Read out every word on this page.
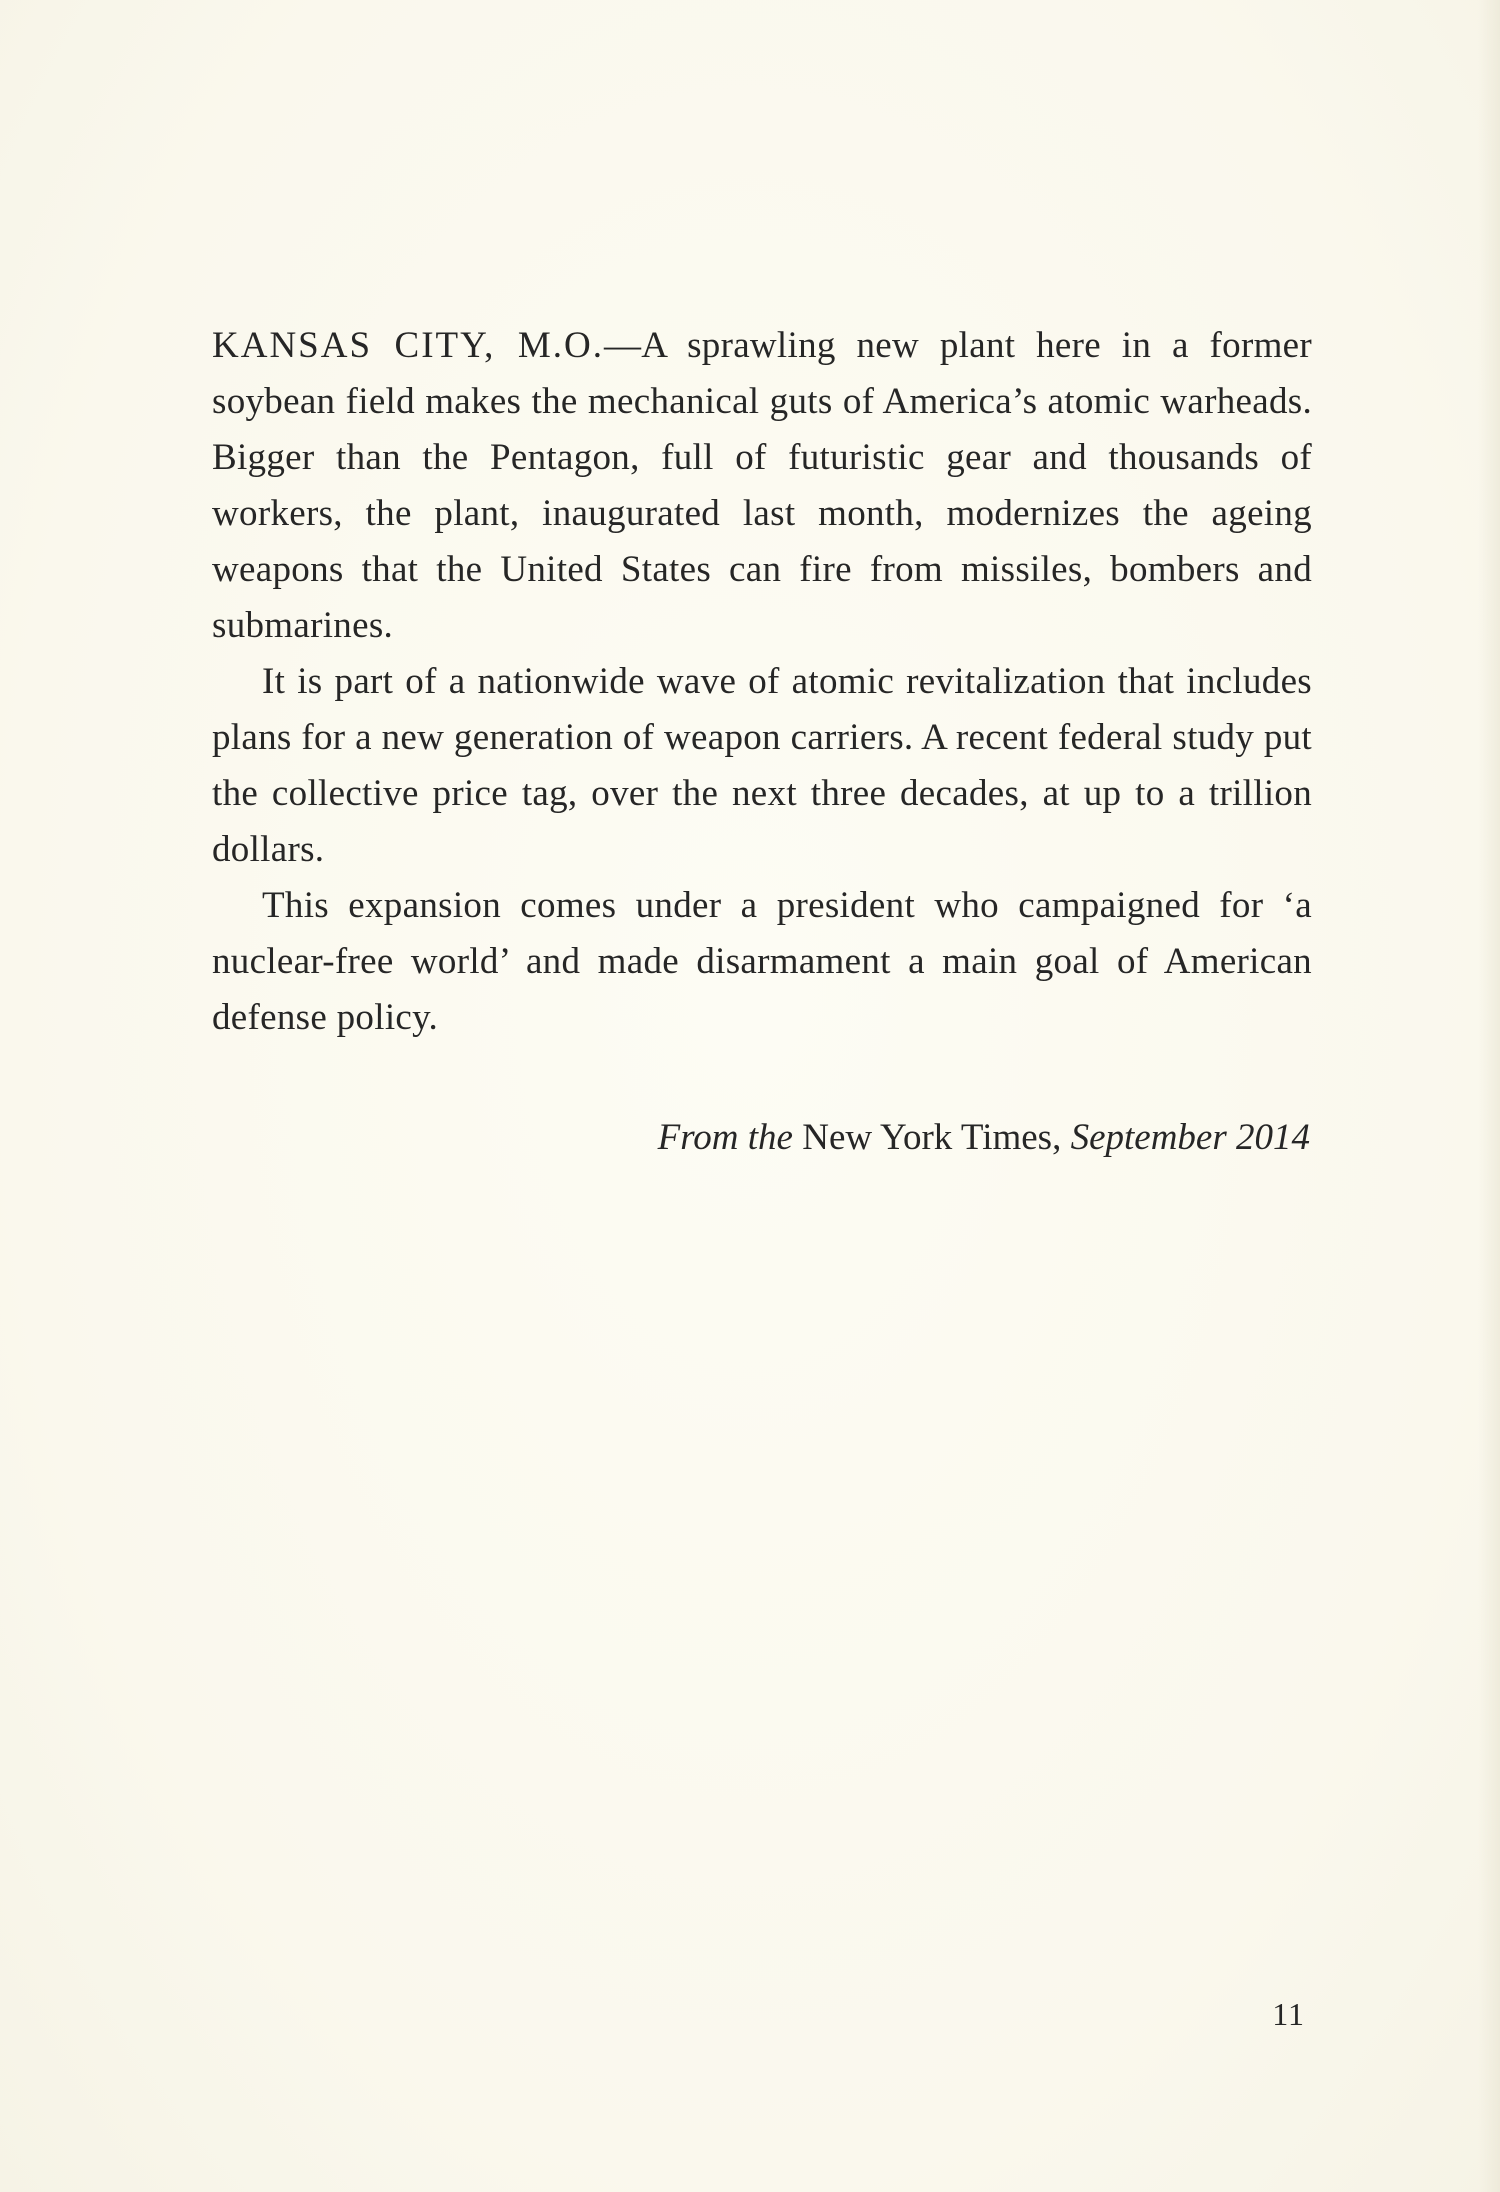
KANSAS CITY, M.O.—A sprawling new plant here in a former soybean field makes the mechanical guts of America’s atomic warheads. Bigger than the Pentagon, full of futuristic gear and thousands of workers, the plant, inaugurated last month, modernizes the ageing weapons that the United States can fire from missiles, bombers and submarines.

It is part of a nationwide wave of atomic revitalization that includes plans for a new generation of weapon carriers. A recent federal study put the collective price tag, over the next three decades, at up to a trillion dollars.

This expansion comes under a president who campaigned for ‘a nuclear-free world’ and made disarmament a main goal of American defense policy.

From the New York Times, September 2014
11
